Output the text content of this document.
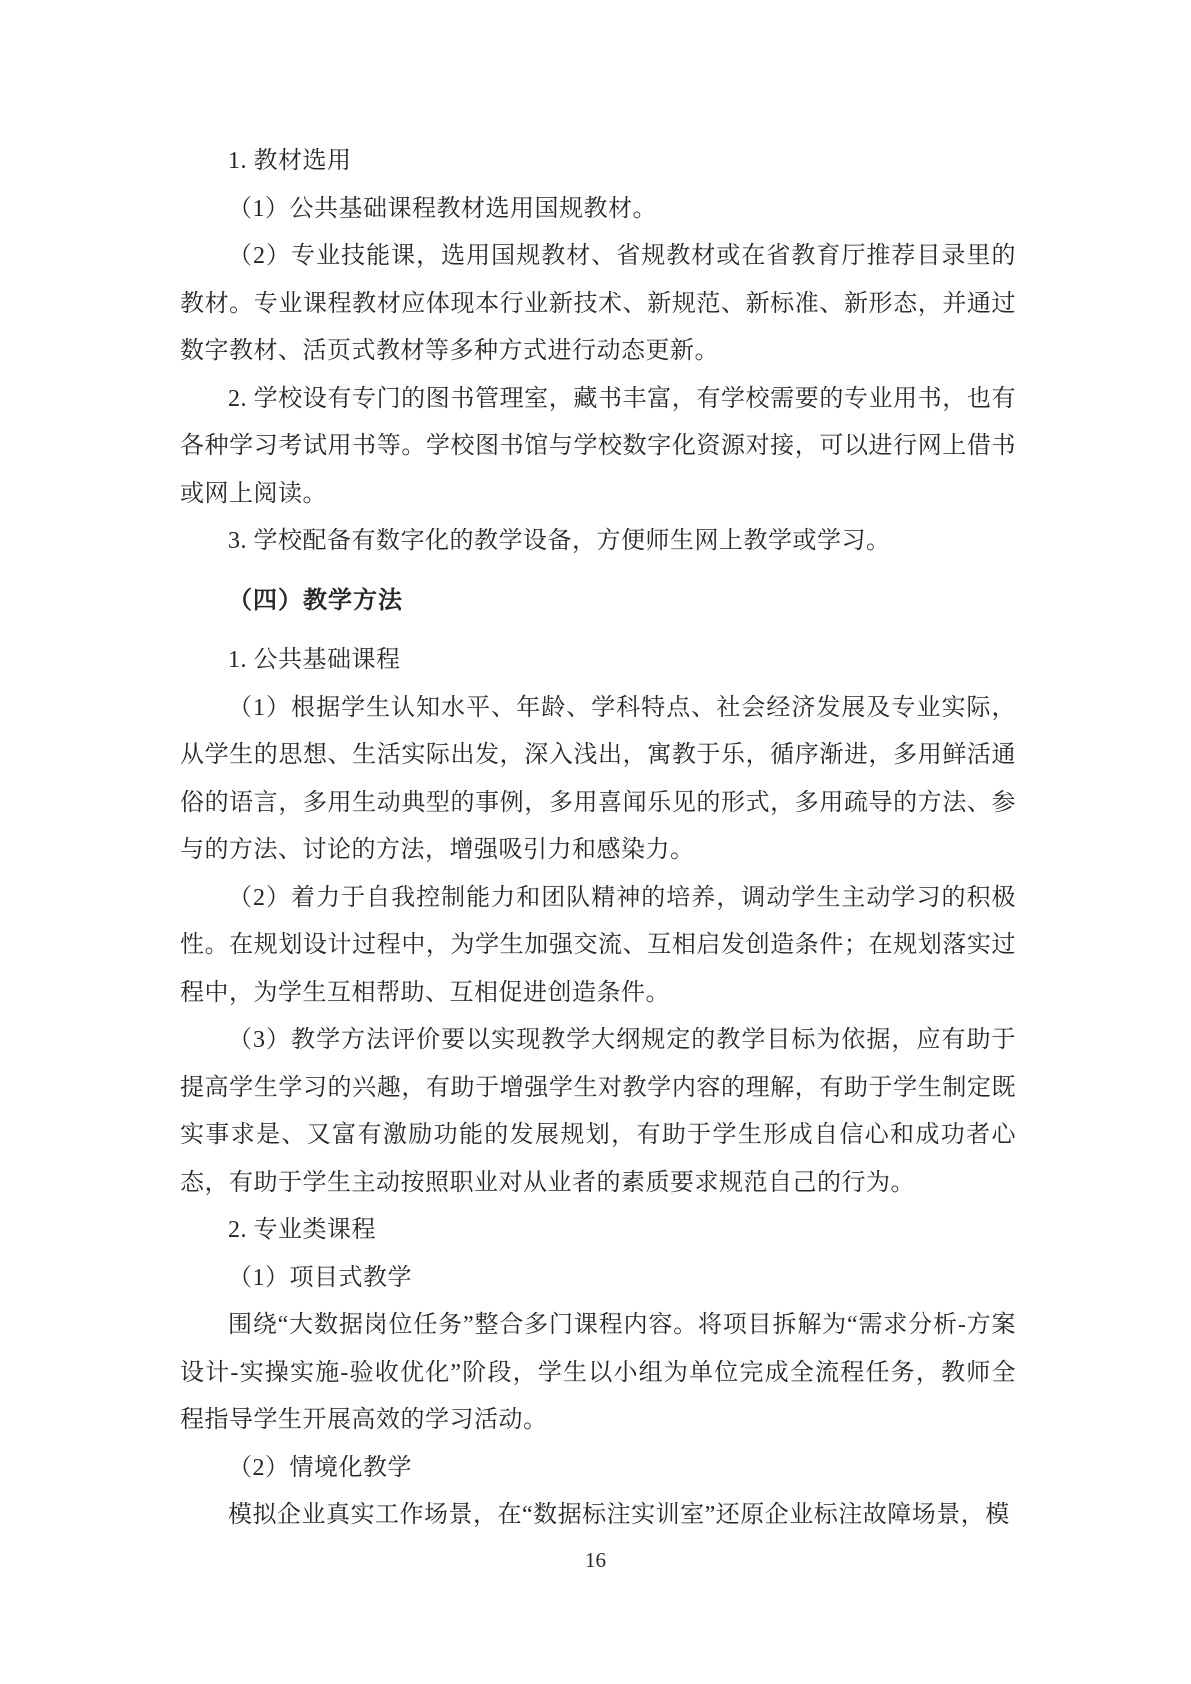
1. 教材选用

（1）公共基础课程教材选用国规教材。

（2）专业技能课，选用国规教材、省规教材或在省教育厅推荐目录里的教材。专业课程教材应体现本行业新技术、新规范、新标准、新形态，并通过数字教材、活页式教材等多种方式进行动态更新。

2. 学校设有专门的图书管理室，藏书丰富，有学校需要的专业用书，也有各种学习考试用书等。学校图书馆与学校数字化资源对接，可以进行网上借书或网上阅读。

3. 学校配备有数字化的教学设备，方便师生网上教学或学习。

（四）教学方法

1. 公共基础课程

（1）根据学生认知水平、年龄、学科特点、社会经济发展及专业实际，从学生的思想、生活实际出发，深入浅出，寓教于乐，循序渐进，多用鲜活通俗的语言，多用生动典型的事例，多用喜闻乐见的形式，多用疏导的方法、参与的方法、讨论的方法，增强吸引力和感染力。

（2）着力于自我控制能力和团队精神的培养，调动学生主动学习的积极性。在规划设计过程中，为学生加强交流、互相启发创造条件；在规划落实过程中，为学生互相帮助、互相促进创造条件。

（3）教学方法评价要以实现教学大纲规定的教学目标为依据，应有助于提高学生学习的兴趣，有助于增强学生对教学内容的理解，有助于学生制定既实事求是、又富有激励功能的发展规划，有助于学生形成自信心和成功者心态，有助于学生主动按照职业对从业者的素质要求规范自己的行为。

2. 专业类课程

（1）项目式教学

围绕“大数据岗位任务”整合多门课程内容。将项目拆解为“需求分析-方案设计-实操实施-验收优化”阶段，学生以小组为单位完成全流程任务，教师全程指导学生开展高效的学习活动。

（2）情境化教学

模拟企业真实工作场景，在“数据标注实训室”还原企业标注故障场景，模

16
